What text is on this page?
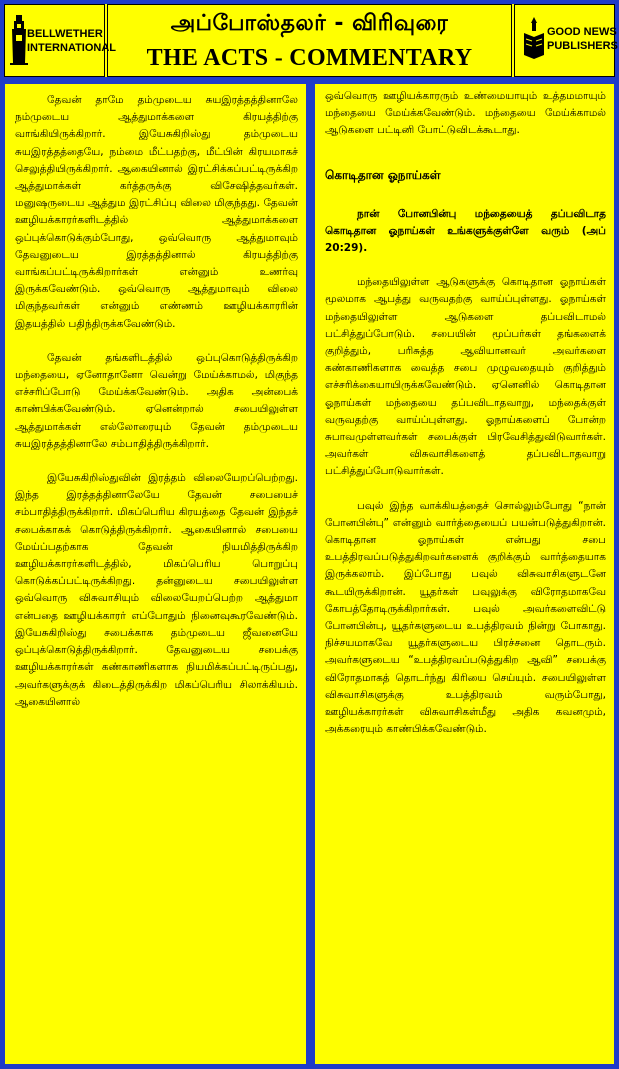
BELLWETHER
INTERNATIONAL
அப்போஸ்தலர் - விரிவுரை
THE ACTS - COMMENTARY
GOOD NEWS
PUBLISHERS

தேவன் தாமே தம்முடைய சுயஇரத்தத்தினாலே நம்முடைய ஆத்துமாக்களை கிரயத்திற்கு வாங்கியிருக்கிறார். இயேசுகிறிஸ்து தம்முடைய சுயஇரத்தத்தையே, நம்மை மீட்பதற்கு, மீட்பின் கிரயமாகச் செலுத்தியிருக்கிறார். ஆகையினால் இரட்சிக்கப்பட்டிருக்கிற ஆத்துமாக்கள் கர்த்தருக்கு விசேஷித்தவர்கள். மனுஷருடைய ஆத்தும இரட்சிப்பு விலை மிகுந்தது. தேவன் ஊழியக்காரர்களிடத்தில் ஆத்துமாக்களை ஒப்புக்கொடுக்கும்போது, ஒவ்வொரு ஆத்துமாவும் தேவனுடைய இரத்தத்தினால் கிரயத்திற்கு வாங்கப்பட்டிருக்கிறார்கள் என்னும் உணர்வு இருக்கவேண்டும். ஒவ்வொரு ஆத்துமாவும் விலை மிகுந்தவர்கள் என்னும் எண்ணம் ஊழியக்காரரின் இதயத்தில் பதிந்திருக்கவேண்டும்.

தேவன் தங்களிடத்தில் ஒப்புகொடுத்திருக்கிற மந்தையை, ஏனோதானோ வென்று மேய்க்காமல், மிகுந்த எச்சரிப்போடு மேய்க்கவேண்டும். அதிக அன்பைக் காண்பிக்கவேண்டும். ஏனென்றால் சபையிலுள்ள ஆத்துமாக்கள் எல்லோரையும் தேவன் தம்முடைய சுயஇரத்தத்தினாலே சம்பாதித்திருக்கிறார்.

இயேசுகிறிஸ்துவின் இரத்தம் விலையேறப்பெற்றது. இந்த இரத்தத்தினாலேயே தேவன் சபையைச் சம்பாதித்திருக்கிறார். மிகப்பெரிய கிரயத்தை தேவன் இந்தச் சபைக்காகக் கொடுத்திருக்கிறார். ஆகையினால் சபையை மேய்ப்பதற்காக தேவன் நியமித்திருக்கிற ஊழியக்காரர்களிடத்தில், மிகப்பெரிய பொறுப்பு கொடுக்கப்பட்டிருக்கிறது. தன்னுடைய சபையிலுள்ள ஒவ்வொரு விசுவாசியும் விலையேறப்பெற்ற ஆத்துமா என்பதை ஊழியக்காரர் எப்போதும் நினைவுகூரவேண்டும். இயேசுகிறிஸ்து சபைக்காக தம்முடைய ஜீவனையே ஒப்புக்கொடுத்திருக்கிறார். தேவனுடைய சபைக்கு ஊழியக்காரர்கள் கண்காணிகளாக நியமிக்கப்பட்டிருப்பது, அவர்களுக்குக் கிடைத்திருக்கிற மிகப்பெரிய சிலாக்கியம். ஆகையினால்

ஒவ்வொரு ஊழியக்காரரும் உண்மையாயும் உத்தமமாயும் மந்தையை மேய்க்கவேண்டும். மந்தையை மேய்க்காமல் ஆடுகளை பட்டினி போட்டுவிடக்கூடாது.

கொடிதான ஓநாய்கள்

நான் போனபின்பு மந்தையைத் தப்பவிடாத கொடிதான ஓநாய்கள் உங்களுக்குள்ளே வரும் (அப் 20:29).

மந்தையிலுள்ள ஆடுகளுக்கு கொடிதான ஓநாய்கள் மூலமாக ஆபத்து வருவதற்கு வாய்ப்புள்ளது. ஓநாய்கள் மந்தையிலுள்ள ஆடுகளை தப்பவிடாமல் பட்சித்துப்போடும். சபையின் மூப்பர்கள் தங்களைக் குறித்தும், பரிசுத்த ஆவியானவர் அவர்களை கண்காணிகளாக வைத்த சபை முழுவதையும் குறித்தும் எச்சரிக்கையாயிருக்கவேண்டும். ஏனெனில் கொடிதான ஓநாய்கள் மந்தையை தப்பவிடாதவாறு, மந்தைக்குள் வருவதற்கு வாய்ப்புள்ளது. ஓநாய்களைப் போன்ற சுபாவமுள்ளவர்கள் சபைக்குள் பிரவேசித்துவிடுவார்கள். அவர்கள் விசுவாசிகளைத் தப்பவிடாதவாறு பட்சித்துப்போடுவார்கள்.

பவுல் இந்த வாக்கியத்தைச் சொல்லும்போது “நான் போனபின்பு” என்னும் வார்த்தையைப் பயன்படுத்துகிறான். கொடிதான ஓநாய்கள் என்பது சபை உபத்திரவப்படுத்துகிறவர்களைக் குறிக்கும் வார்த்தையாக இருக்கலாம். இப்போது பவுல் விசுவாசிகளுடனே கூடயிருக்கிறான். யூதர்கள் பவுலுக்கு விரோதமாகவே கோபத்தோடிருக்கிறார்கள். பவுல் அவர்களைவிட்டு போனபின்பு, யூதர்களுடைய உபத்திரவம் நின்று போகாது. நிச்சயமாகவே யூதர்களுடைய பிரச்சனை தொடரும். அவர்களுடைய “உபத்திரவப்படுத்துகிற ஆவி” சபைக்கு விரோதமாகத் தொடர்ந்து கிரியை செய்யும். சபையிலுள்ள விசுவாசிகளுக்கு உபத்திரவம் வரும்போது, ஊழியக்காரர்கள் விசுவாசிகள்மீது அதிக கவனமும், அக்கரையும் காண்பிக்கவேண்டும்.
